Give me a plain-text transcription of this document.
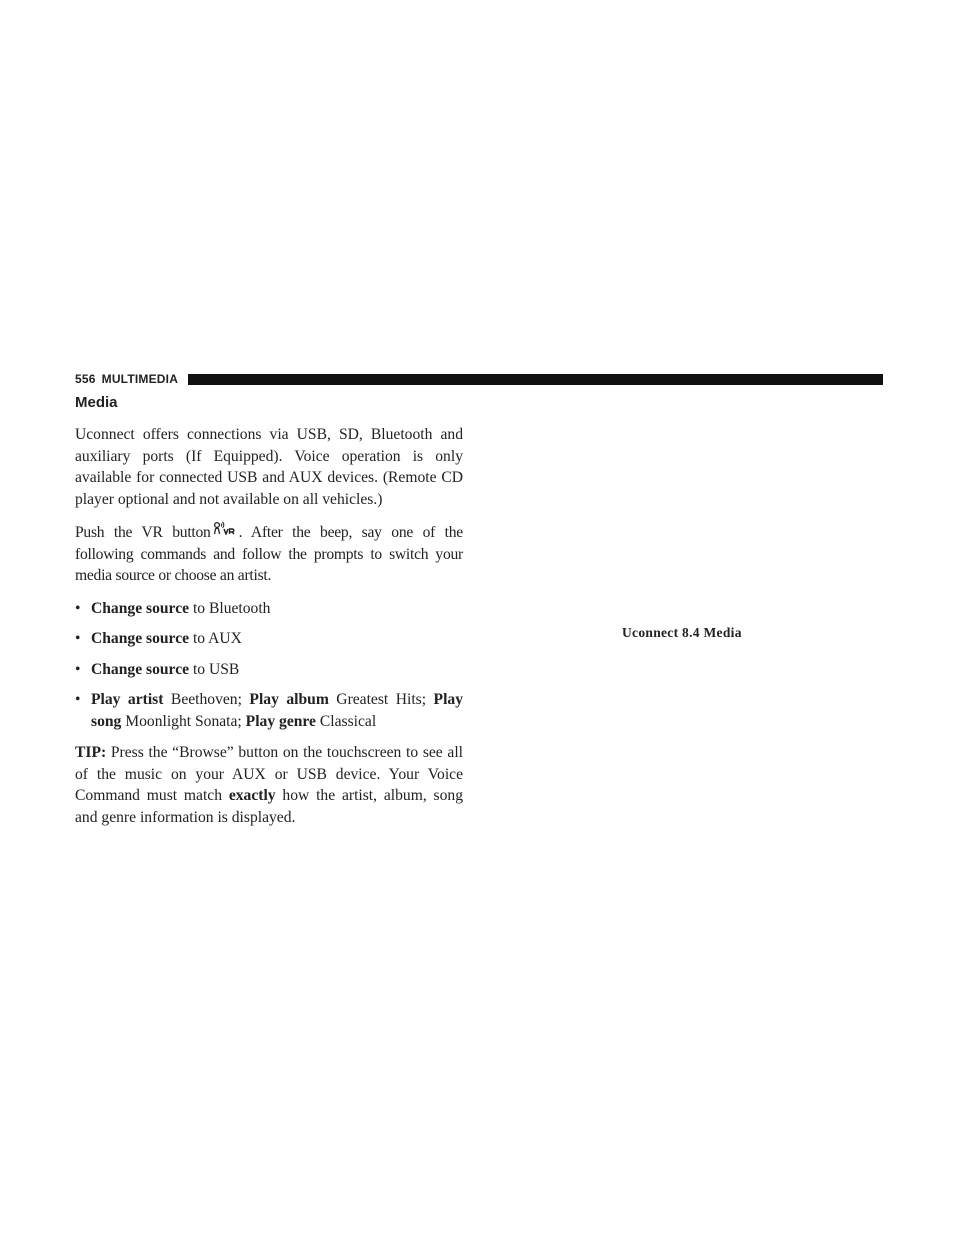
556 MULTIMEDIA
Media

Uconnect offers connections via USB, SD, Bluetooth and auxiliary ports (If Equipped). Voice operation is only available for connected USB and AUX devices. (Remote CD player optional and not available on all vehicles.)

Push the VR button . After the beep, say one of the following commands and follow the prompts to switch your media source or choose an artist.

• Change source to Bluetooth
• Change source to AUX
• Change source to USB
• Play artist Beethoven; Play album Greatest Hits; Play song Moonlight Sonata; Play genre Classical

TIP: Press the “Browse” button on the touchscreen to see all of the music on your AUX or USB device. Your Voice Command must match exactly how the artist, album, song and genre information is displayed.

Uconnect 8.4 Media
